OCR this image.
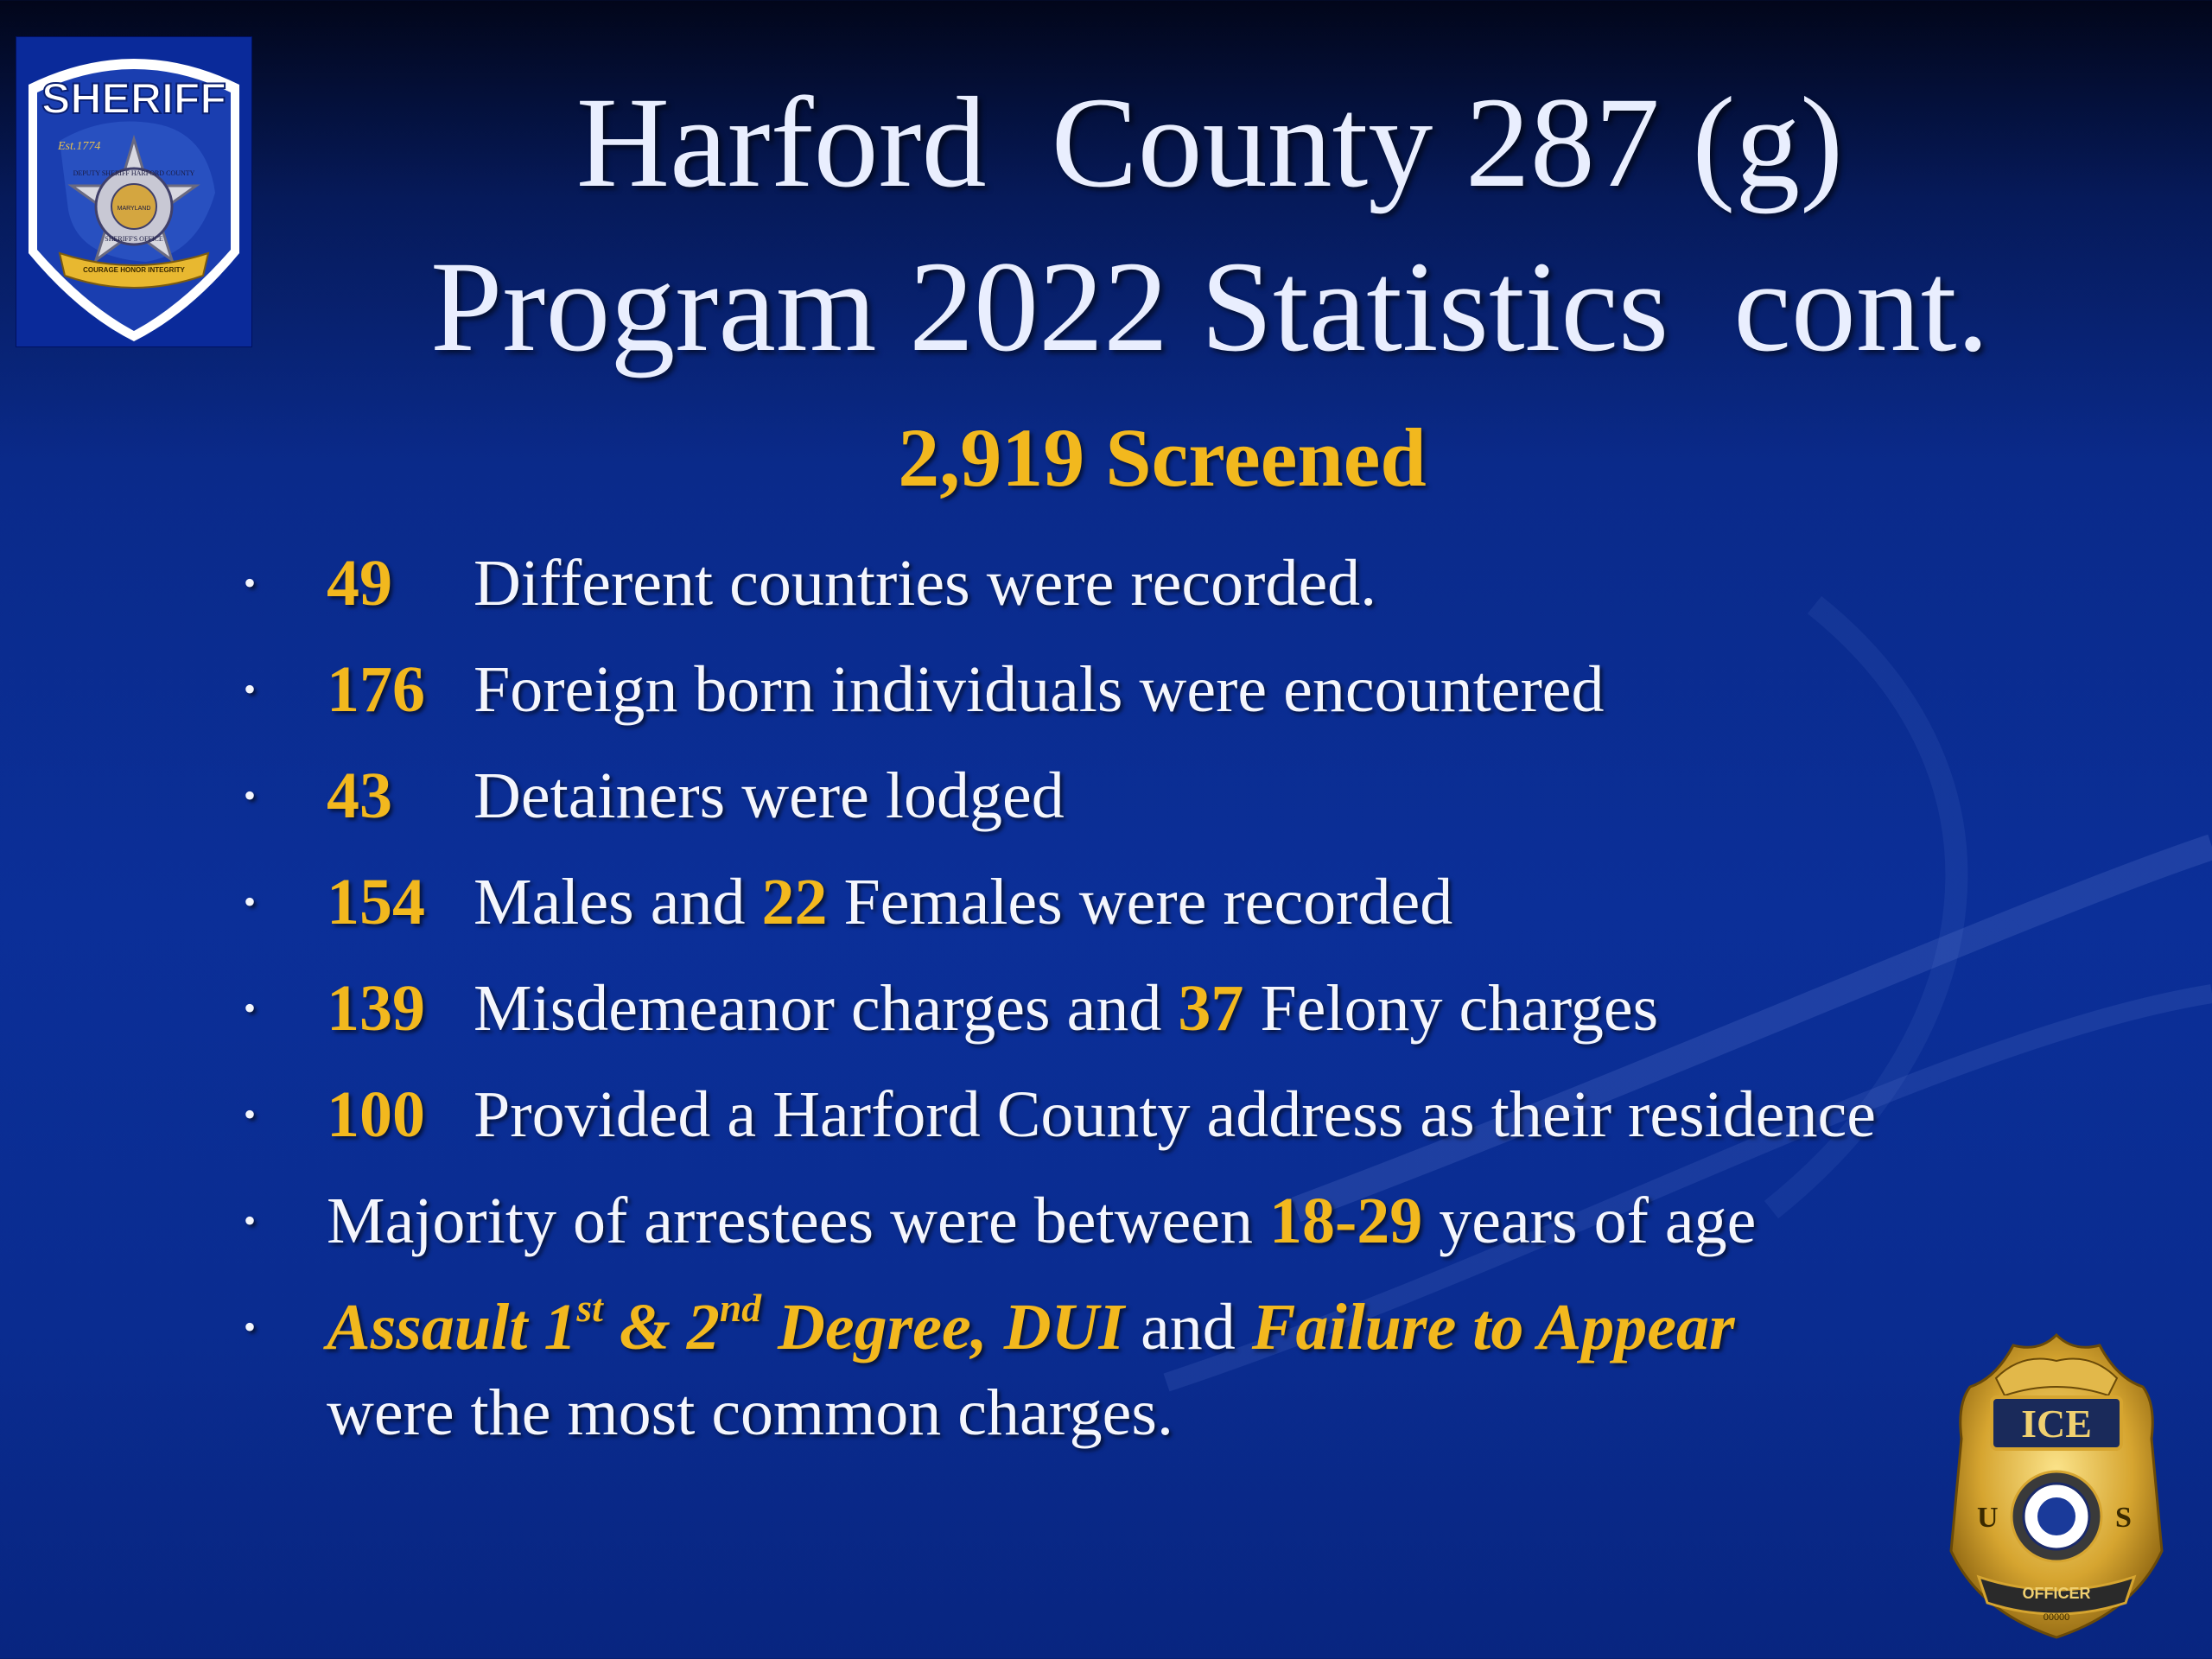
SHERIFF
Est.1774
MARYLAND
DEPUTY SHERIFF HARFORD COUNTY
SHERIFF'S OFFICE
COURAGE HONOR INTEGRITY
Harford  County 287 (g)
Program 2022 Statistics  cont.
2,919 Screened
• 49 Different countries were recorded.
• 176 Foreign born individuals were encountered
• 43 Detainers were lodged
• 154 Males and 22 Females were recorded
• 139 Misdemeanor charges and 37 Felony charges
• 100 Provided a Harford County address as their residence
• Majority of arrestees were between 18-29 years of age
• Assault 1st & 2nd Degree, DUI and Failure to Appear
were the most common charges.	ICE
U	S
OFFICER
00000
